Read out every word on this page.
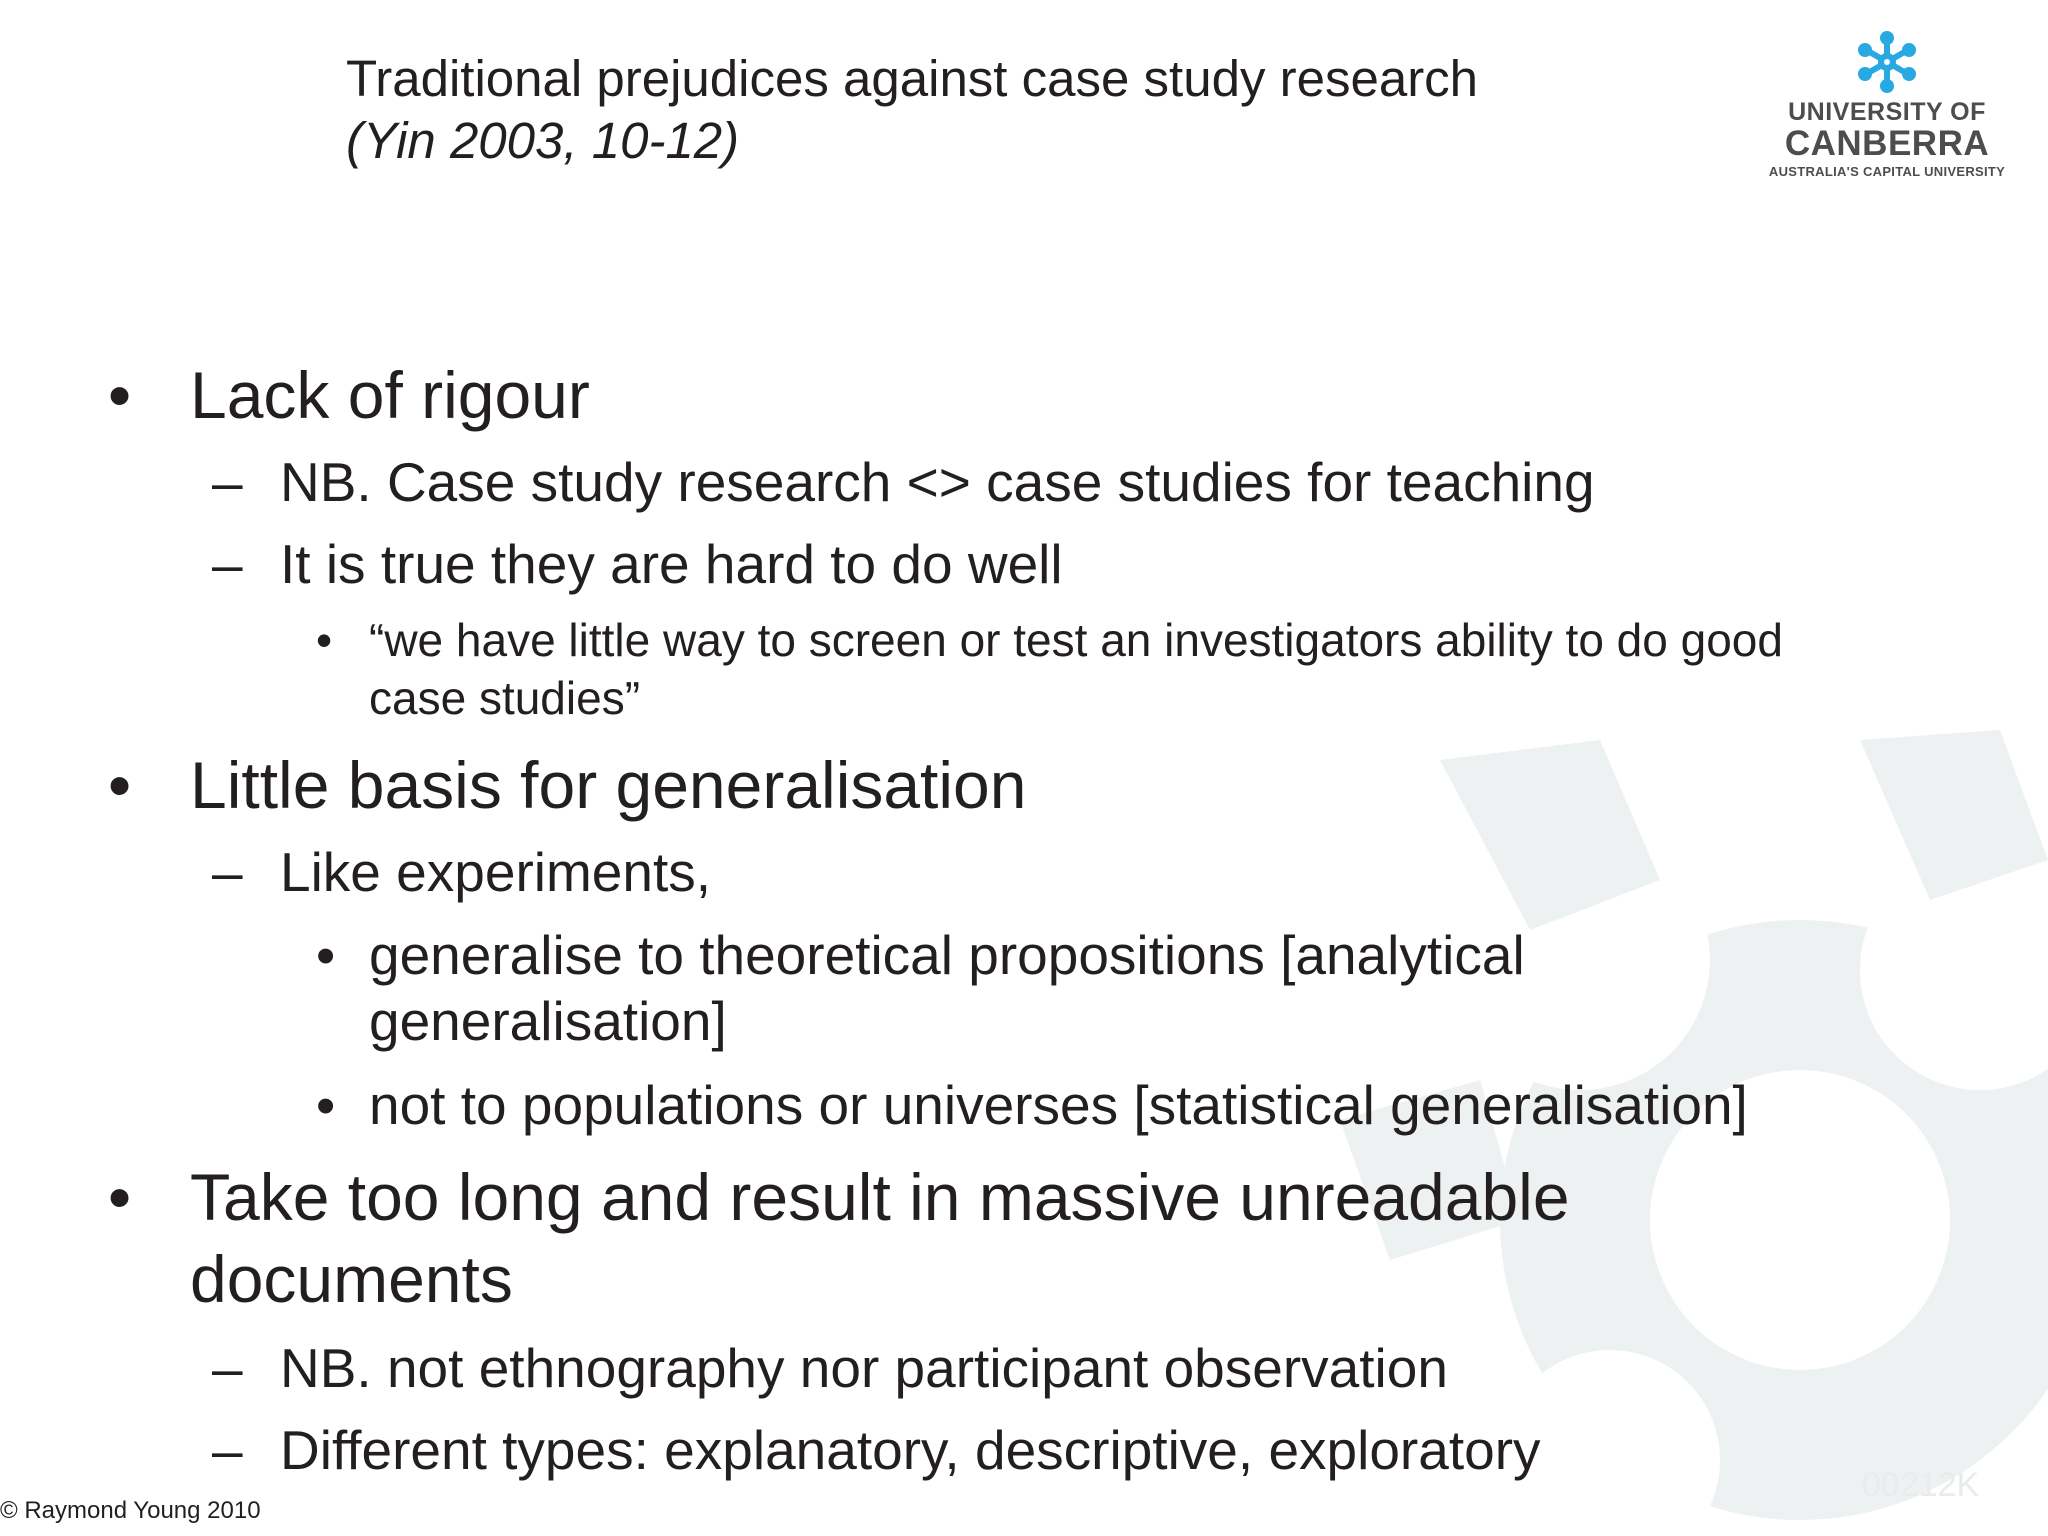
Traditional prejudices against case study research
(Yin 2003, 10-12)	UNIVERSITY OF
CANBERRA
AUSTRALIA'S CAPITAL UNIVERSITY
• Lack of rigour
– NB. Case study research <> case studies for teaching
– It is true they are hard to do well
• “we have little way to screen or test an investigators ability to do good
case studies”
• Little basis for generalisation
– Like experiments,
• generalise to theoretical propositions [analytical
generalisation]
• not to populations or universes [statistical generalisation]
• Take too long and result in massive unreadable
documents
– NB. not ethnography nor participant observation
– Different types: explanatory, descriptive, exploratory
00212K
© Raymond Young 2010
